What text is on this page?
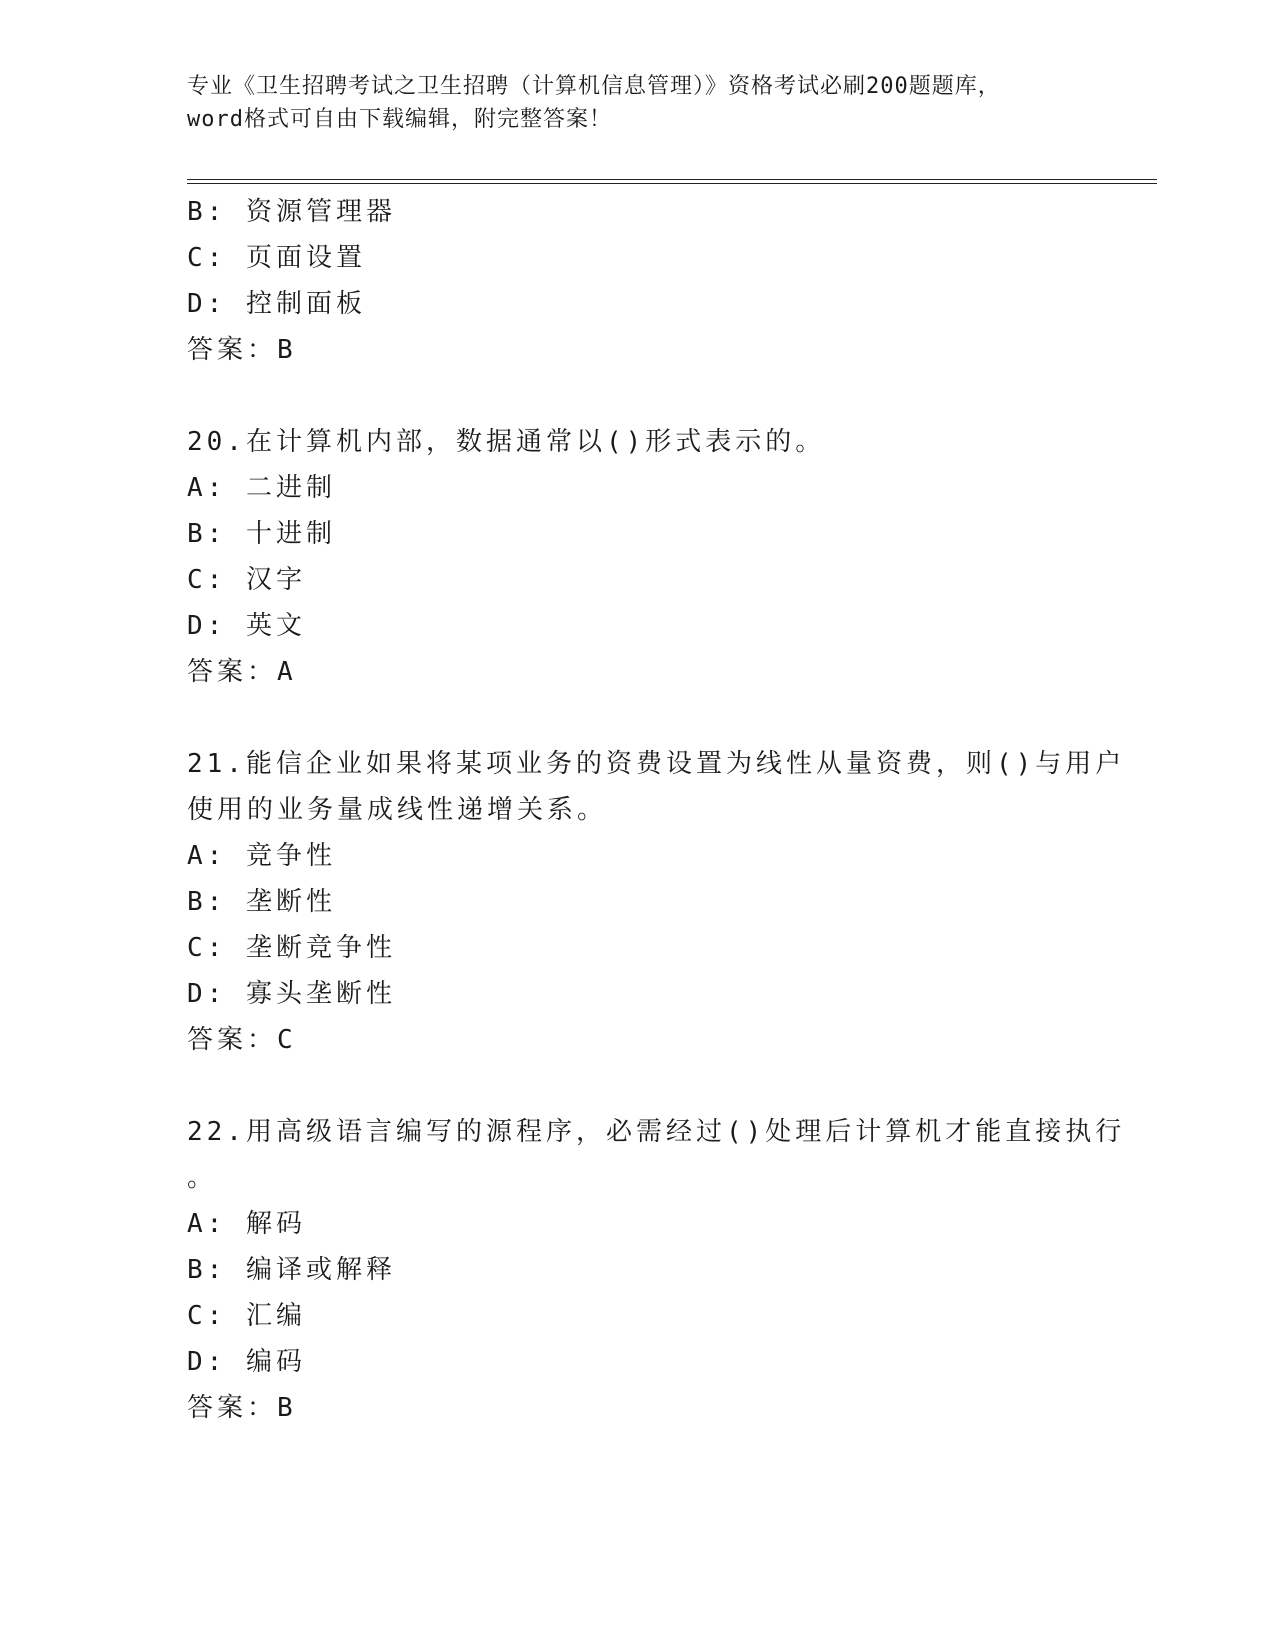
专业《卫生招聘考试之卫生招聘（计算机信息管理）》资格考试必刷200题题库，
word格式可自由下载编辑，附完整答案！
B: 资源管理器
C: 页面设置
D: 控制面板
答案：B
20.在计算机内部，数据通常以()形式表示的。
A: 二进制
B: 十进制
C: 汉字
D: 英文
答案：A
21.能信企业如果将某项业务的资费设置为线性从量资费，则()与用户
使用的业务量成线性递增关系。
A: 竞争性
B: 垄断性
C: 垄断竞争性
D: 寡头垄断性
答案：C
22.用高级语言编写的源程序，必需经过()处理后计算机才能直接执行
。
A: 解码
B: 编译或解释
C: 汇编
D: 编码
答案：B
